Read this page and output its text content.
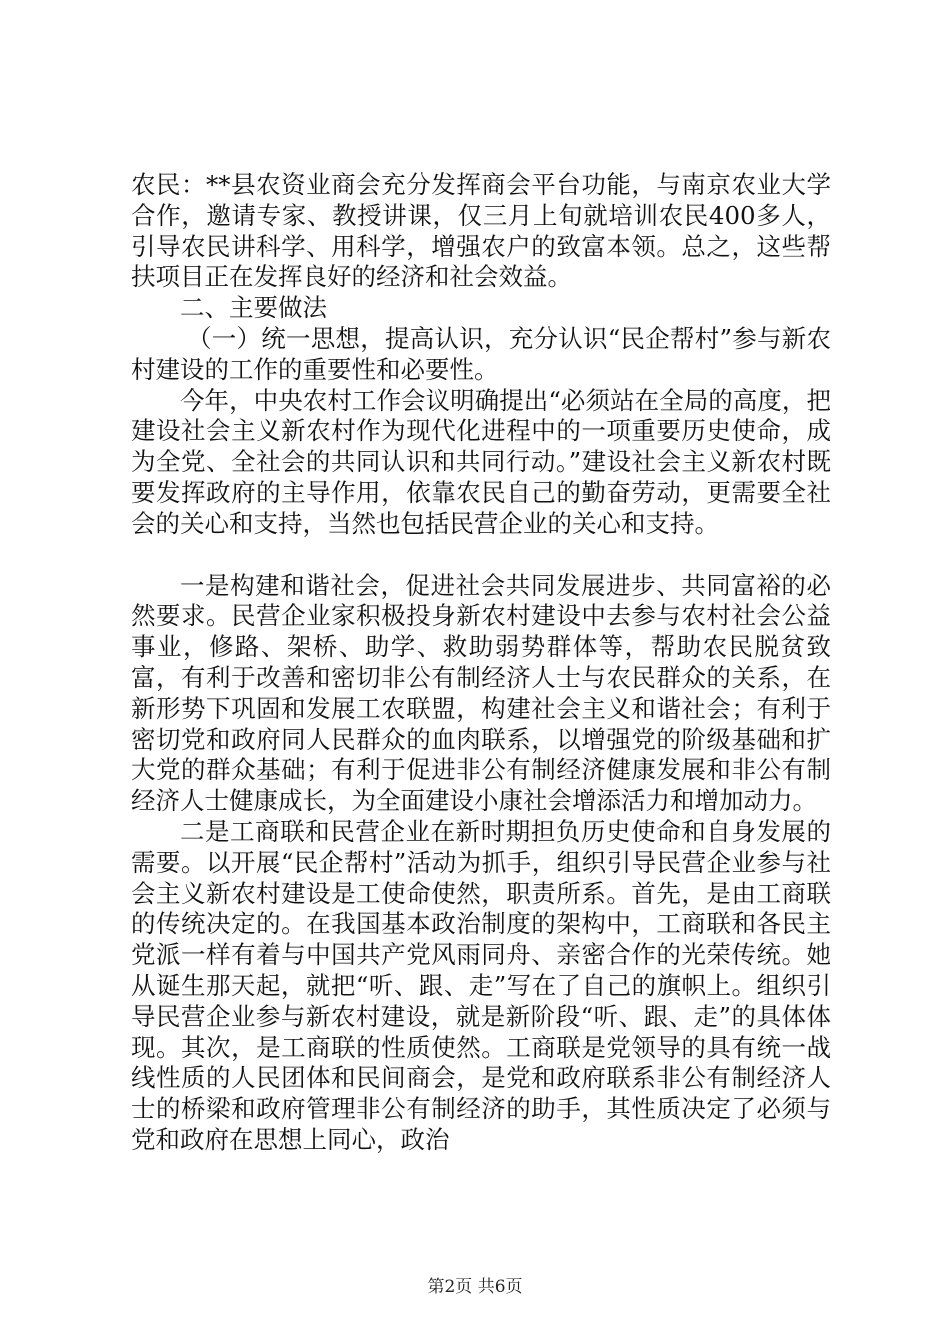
农民：**县农资业商会充分发挥商会平台功能，与南京农业大学合作，邀请专家、教授讲课，仅三月上旬就培训农民400多人，引导农民讲科学、用科学，增强农户的致富本领。总之，这些帮扶项目正在发挥良好的经济和社会效益。

二、主要做法

（一）统一思想，提高认识，充分认识“民企帮村”参与新农村建设的工作的重要性和必要性。

今年，中央农村工作会议明确提出“必须站在全局的高度，把建设社会主义新农村作为现代化进程中的一项重要历史使命，成为全党、全社会的共同认识和共同行动。”建设社会主义新农村既要发挥政府的主导作用，依靠农民自己的勤奋劳动，更需要全社会的关心和支持，当然也包括民营企业的关心和支持。

一是构建和谐社会，促进社会共同发展进步、共同富裕的必然要求。民营企业家积极投身新农村建设中去参与农村社会公益事业，修路、架桥、助学、救助弱势群体等，帮助农民脱贫致富，有利于改善和密切非公有制经济人士与农民群众的关系，在新形势下巩固和发展工农联盟，构建社会主义和谐社会；有利于密切党和政府同人民群众的血肉联系，以增强党的阶级基础和扩大党的群众基础；有利于促进非公有制经济健康发展和非公有制经济人士健康成长，为全面建设小康社会增添活力和增加动力。

二是工商联和民营企业在新时期担负历史使命和自身发展的需要。以开展“民企帮村”活动为抓手，组织引导民营企业参与社会主义新农村建设是工使命使然，职责所系。首先，是由工商联的传统决定的。在我国基本政治制度的架构中，工商联和各民主党派一样有着与中国共产党风雨同舟、亲密合作的光荣传统。她从诞生那天起，就把“听、跟、走”写在了自己的旗帜上。组织引导民营企业参与新农村建设，就是新阶段“听、跟、走”的具体体现。其次，是工商联的性质使然。工商联是党领导的具有统一战线性质的人民团体和民间商会，是党和政府联系非公有制经济人士的桥梁和政府管理非公有制经济的助手，其性质决定了必须与党和政府在思想上同心，政治

第2页 共6页
